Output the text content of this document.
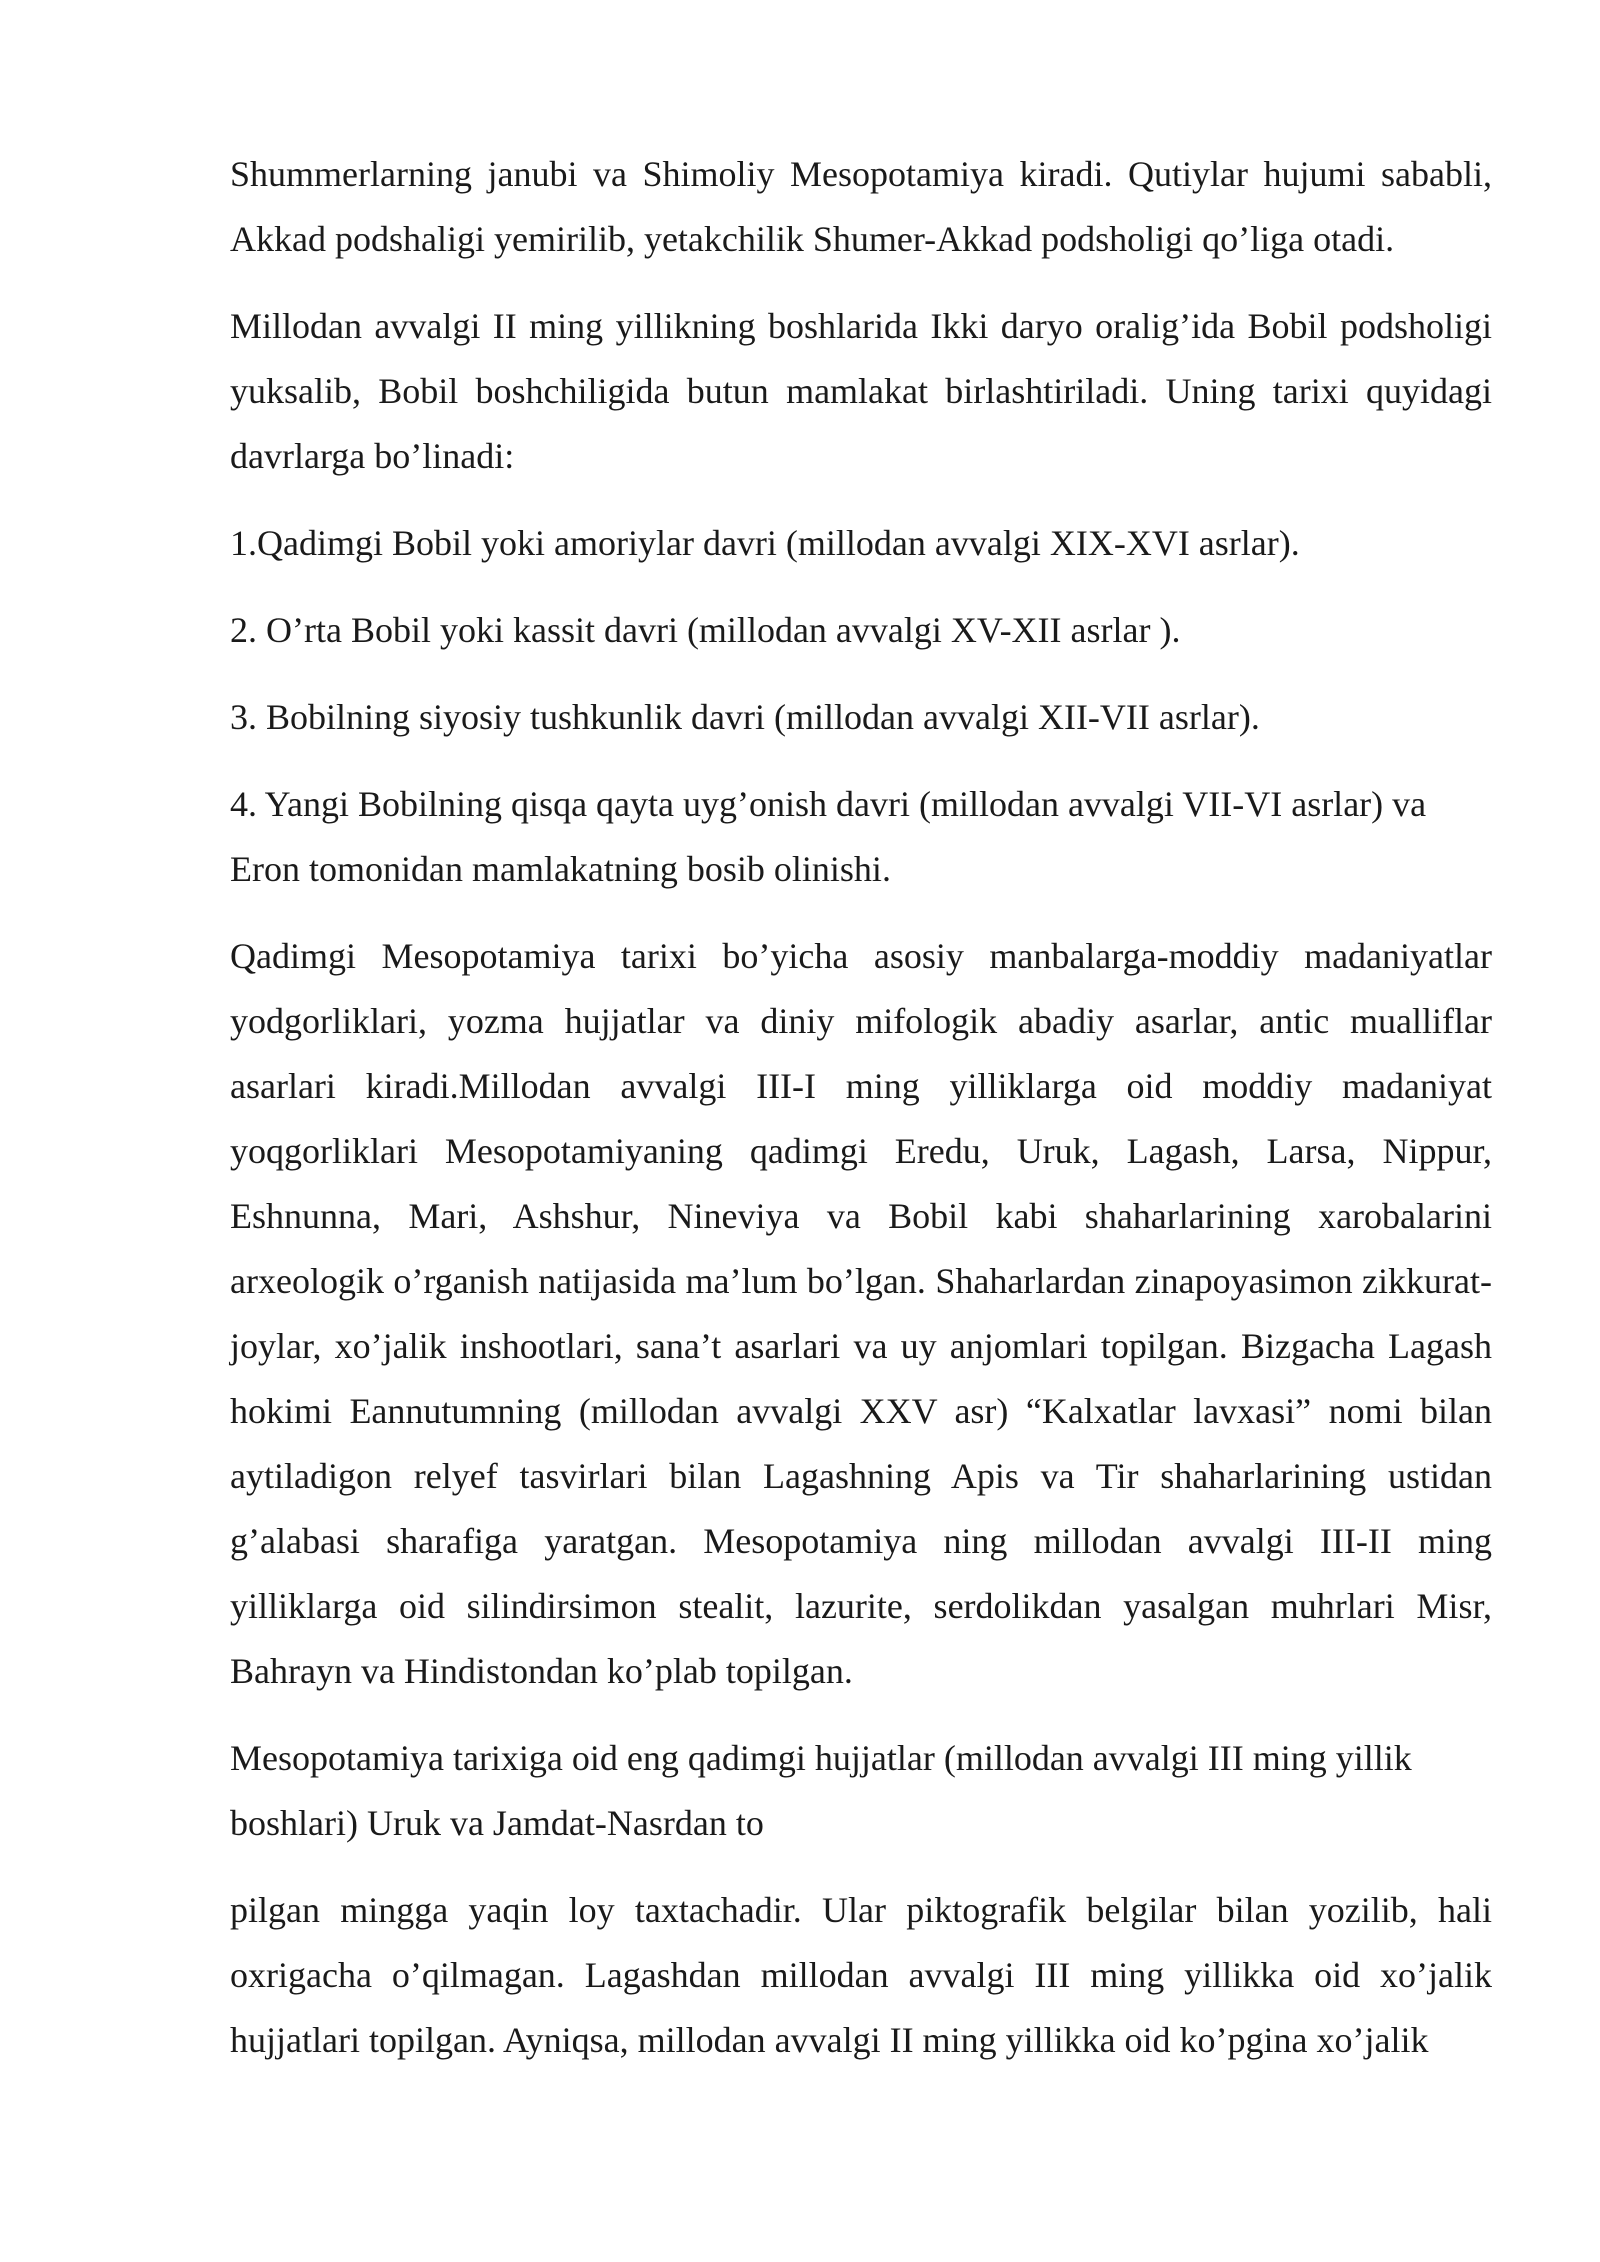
Shummerlarning janubi va Shimoliy Mesopotamiya kiradi. Qutiylar hujumi sababli, Akkad podshaligi yemirilib, yetakchilik Shumer-Akkad podsholigi qo’liga otadi.

Millodan avvalgi II ming yillikning boshlarida Ikki daryo oralig’ida Bobil podsholigi yuksalib, Bobil boshchiligida butun mamlakat birlashtiriladi. Uning tarixi quyidagi davrlarga bo’linadi:

1.Qadimgi Bobil yoki amoriylar davri (millodan avvalgi XIX-XVI asrlar).

2. O’rta Bobil yoki kassit davri (millodan avvalgi XV-XII asrlar ).

3. Bobilning siyosiy tushkunlik davri (millodan avvalgi XII-VII asrlar).

4. Yangi Bobilning qisqa qayta uyg’onish davri (millodan avvalgi VII-VI asrlar) va Eron tomonidan mamlakatning bosib olinishi.

Qadimgi Mesopotamiya tarixi bo’yicha asosiy manbalarga-moddiy madaniyatlar yodgorliklari, yozma hujjatlar va diniy mifologik abadiy asarlar, antic mualliflar asarlari kiradi.Millodan avvalgi III-I ming yilliklarga oid moddiy madaniyat yoqgorliklari Mesopotamiyaning qadimgi Eredu, Uruk, Lagash, Larsa, Nippur, Eshnunna, Mari, Ashshur, Nineviya va Bobil kabi shaharlarining xarobalarini arxeologik o’rganish natijasida ma’lum bo’lgan. Shaharlardan zinapoyasimon zikkurat-joylar, xo’jalik inshootlari, sana’t asarlari va uy anjomlari topilgan. Bizgacha Lagash hokimi Eannutumning (millodan avvalgi XXV asr) “Kalxatlar lavxasi” nomi bilan aytiladigon relyef tasvirlari bilan Lagashning Apis va Tir shaharlarining ustidan g’alabasi sharafiga yaratgan. Mesopotamiya ning millodan avvalgi III-II ming yilliklarga oid silindirsimon stealit, lazurite, serdolikdan yasalgan muhrlari Misr, Bahrayn va Hindistondan ko’plab topilgan.

Mesopotamiya tarixiga oid eng qadimgi hujjatlar (millodan avvalgi III ming yillik boshlari) Uruk va Jamdat-Nasrdan to

pilgan mingga yaqin loy taxtachadir. Ular piktografik belgilar bilan yozilib, hali oxrigacha o’qilmagan. Lagashdan millodan avvalgi III ming yillikka oid xo’jalik hujjatlari topilgan. Ayniqsa, millodan avvalgi II ming yillikka oid ko’pgina xo’jalik
